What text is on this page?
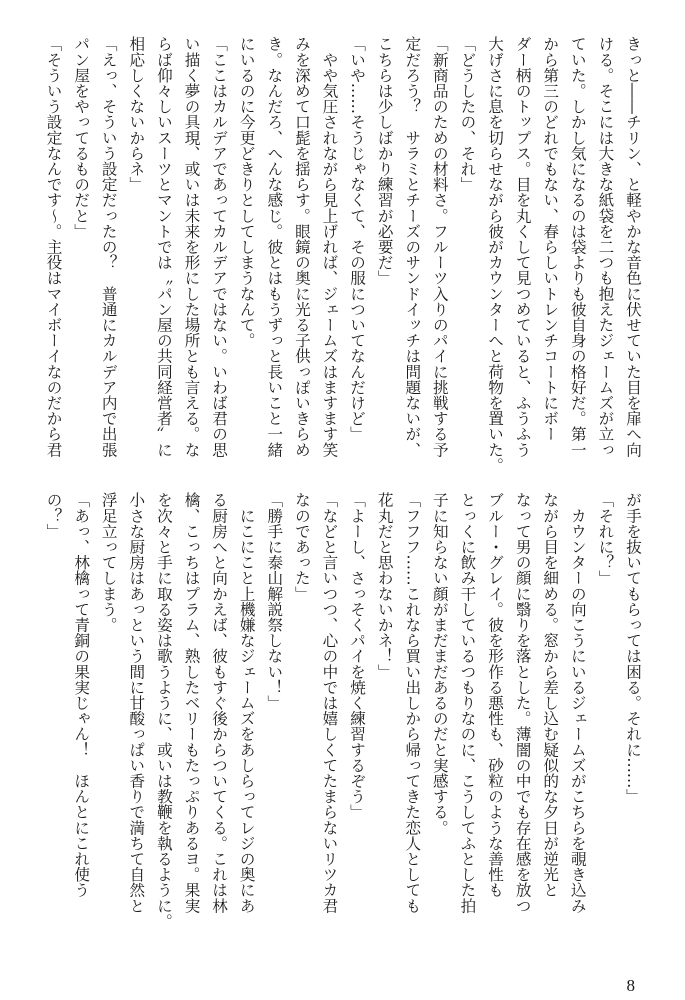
きっと――チリン、と軽やかな音色に伏せていた目を扉へ向
ける。そこには大きな紙袋を二つも抱えたジェームズが立っ
ていた。しかし気になるのは袋よりも彼自身の格好だ。第一
から第三のどれでもない、春らしいトレンチコートにボー
ダー柄のトップス。目を丸くして見つめていると、ふうふう
大げさに息を切らせながら彼がカウンターへと荷物を置いた。
「どうしたの、それ」
「新商品のための材料さ。フルーツ入りのパイに挑戦する予
定だろう？　サラミとチーズのサンドイッチは問題ないが、
こちらは少しばかり練習が必要だ」
「いや……そうじゃなくて、その服についてなんだけど」
　やや気圧されながら見上げれば、ジェームズはますます笑
みを深めて口髭を揺らす。眼鏡の奥に光る子供っぽいきらめ
き。なんだろ、へんな感じ。彼とはもうずっと長いこと一緒
にいるのに今更どきりとしてしまうなんて。
「ここはカルデアであってカルデアではない。いわば君の思
い描く夢の具現、或いは未来を形にした場所とも言える。な
らば仰々しいスーツとマントでは〝パン屋の共同経営者〟に
相応しくないからネ」
「えっ、そういう設定だったの？　普通にカルデア内で出張
パン屋をやってるものだと」
「そういう設定なんです～。主役はマイボーイなのだから君
が手を抜いてもらっては困る。それに……」
「それに？」
　カウンターの向こうにいるジェームズがこちらを覗き込み
ながら目を細める。窓から差し込む疑似的な夕日が逆光と
なって男の顔に翳りを落とした。薄闇の中でも存在感を放つ
ブルー・グレイ。彼を形作る悪性も、砂粒のような善性も
とっくに飲み干しているつもりなのに、こうしてふとした拍
子に知らない顔がまだまだあるのだと実感する。
「フフフ……これなら買い出しから帰ってきた恋人としても
花丸だと思わないかネ！」
「よーし、さっそくパイを焼く練習するぞう」
「などと言いつつ、心の中では嬉しくてたまらないリツカ君
なのであった」
「勝手に泰山解説祭しない！」
　にこにこと上機嫌なジェームズをあしらってレジの奥にあ
る厨房へと向かえば、彼もすぐ後からついてくる。これは林
檎、こっちはプラム、熟したベリーもたっぷりあるヨ。果実
を次々と手に取る姿は歌うように、或いは教鞭を執るように。
小さな厨房はあっという間に甘酸っぱい香りで満ちて自然と
浮足立ってしまう。
「あっ、林檎って青銅の果実じゃん！　ほんとにこれ使う
の？」
8
